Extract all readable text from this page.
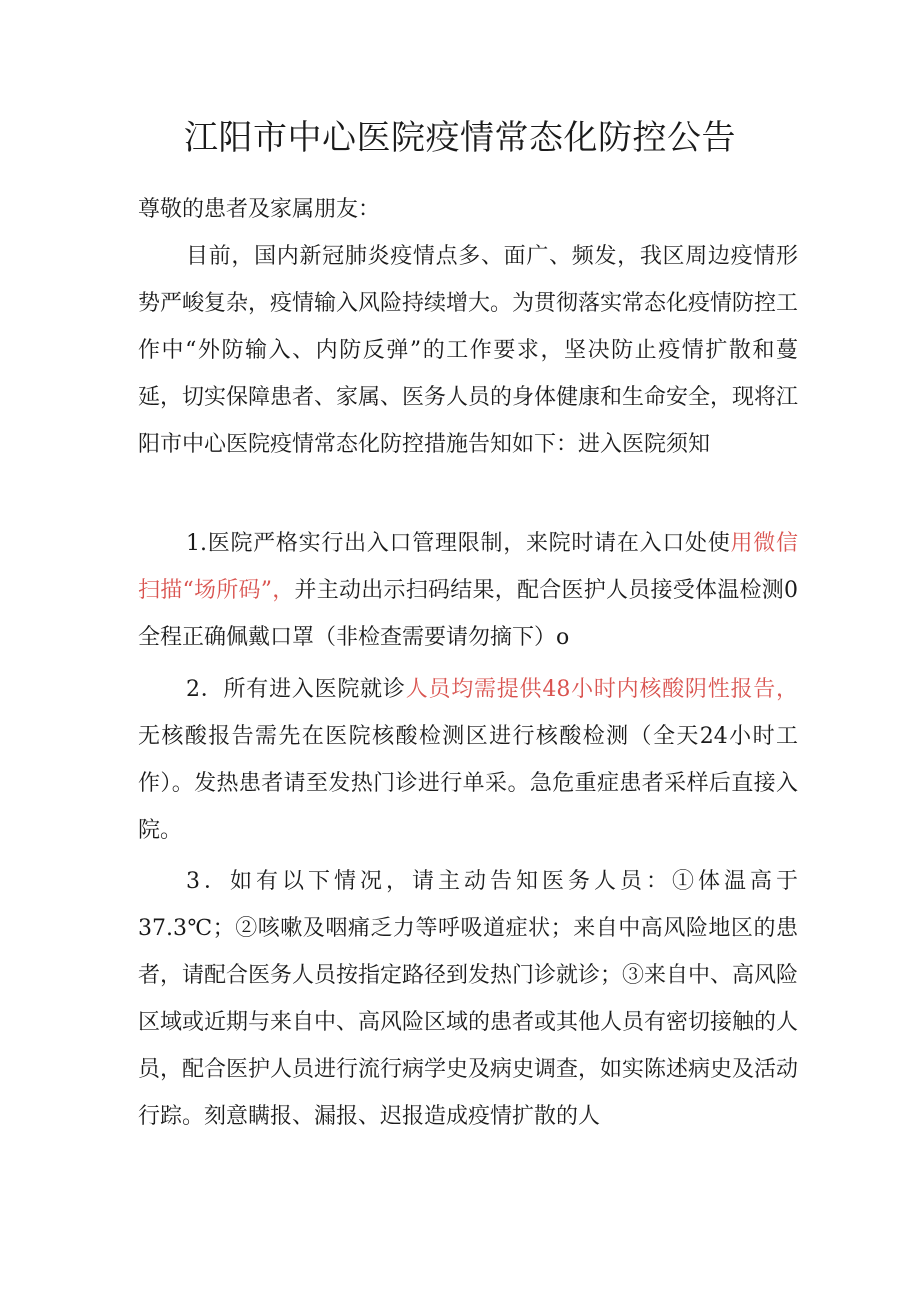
江阳市中心医院疫情常态化防控公告
尊敬的患者及家属朋友：

目前，国内新冠肺炎疫情点多、面广、频发，我区周边疫情形势严峻复杂，疫情输入风险持续增大。为贯彻落实常态化疫情防控工作中“外防输入、内防反弹”的工作要求，坚决防止疫情扩散和蔓延，切实保障患者、家属、医务人员的身体健康和生命安全，现将江阳市中心医院疫情常态化防控措施告知如下：进入医院须知

1.医院严格实行出入口管理限制，来院时请在入口处使用微信扫描“场所码”，并主动出示扫码结果，配合医护人员接受体温检测0全程正确佩戴口罩（非检查需要请勿摘下）o

2．所有进入医院就诊人员均需提供48小时内核酸阴性报告，无核酸报告需先在医院核酸检测区进行核酸检测（全天24小时工作）。发热患者请至发热门诊进行单采。急危重症患者采样后直接入院。

3．如有以下情况，请主动告知医务人员：①体温高于37.3℃；②咳嗽及咽痛乏力等呼吸道症状；来自中高风险地区的患者，请配合医务人员按指定路径到发热门诊就诊；③来自中、高风险区域或近期与来自中、高风险区域的患者或其他人员有密切接触的人员，配合医护人员进行流行病学史及病史调查，如实陈述病史及活动行踪。刻意瞒报、漏报、迟报造成疫情扩散的人
